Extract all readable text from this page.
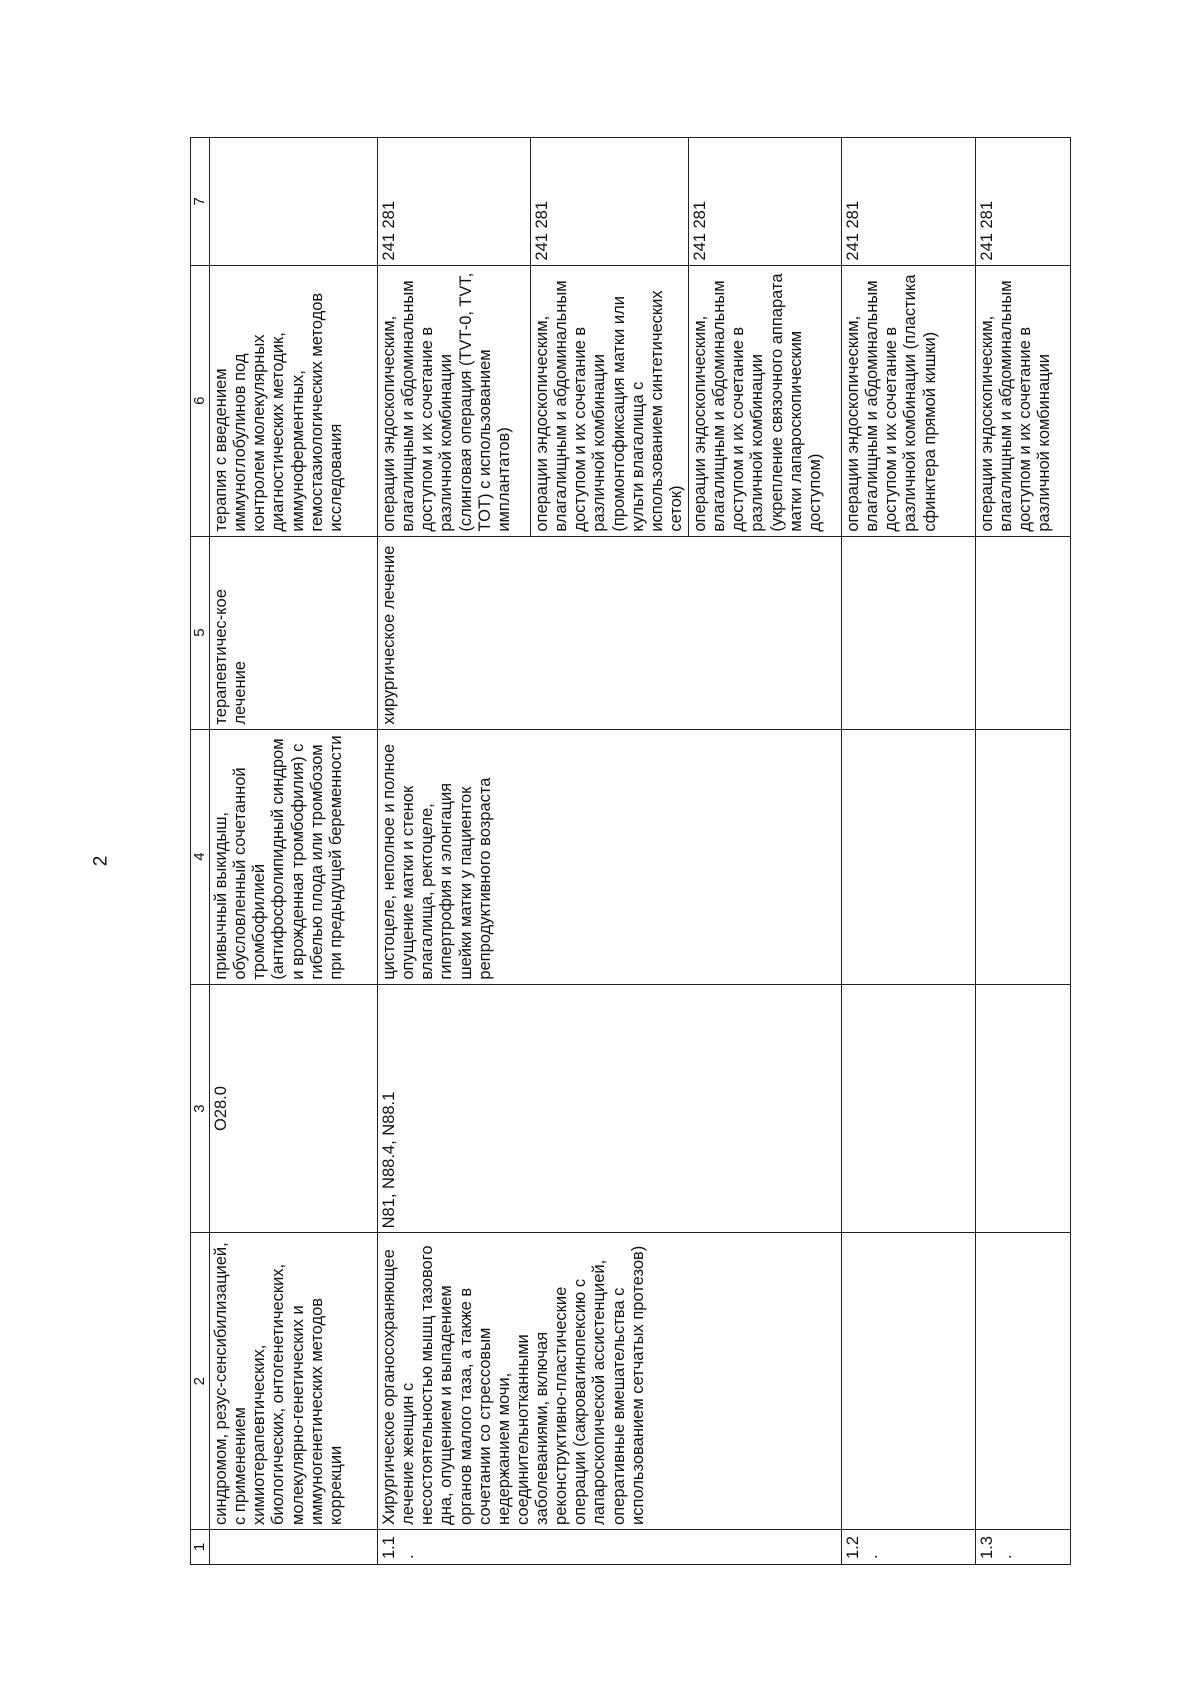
2
1	2	3	4	5	6	7
	синдромом, резус-сенсибилизацией, с применением химиотерапевтических, биологических, онтогенетических, молекулярно-генетических и иммуногенетических методов коррекции	O28.0	привычный выкидыш, обусловленный сочетанной тромбофилией (антифосфолипидный синдром и врожденная тромбофилия) с гибелью плода или тромбозом при предыдущей беременности	терапевтичес-кое лечение	терапия с введением иммуноглобулинов под контролем молекулярных диагностических методик, иммуноферментных, гемостазиологических методов исследования	
1.1.	Хирургическое органосохраняющее лечение женщин с несостоятельностью мышц тазового дна, опущением и выпадением органов малого таза, а также в сочетании со стрессовым недержанием мочи, соединительнотканными заболеваниями, включая реконструктивно-пластические операции (сакровагинопексию с лапароскопической ассистенцией, оперативные вмешательства с использованием сетчатых протезов)	N81, N88.4, N88.1	цистоцеле, неполное и полное опущение матки и стенок влагалища, ректоцеле, гипертрофия и элонгация шейки матки у пациенток репродуктивного возраста	хирургическое лечение	операции эндоскопическим, влагалищным и абдоминальным доступом и их сочетание в различной комбинации (слинговая операция (TVT-0, TVT, TOT) с использованием имплантатов)	241 281
					операции эндоскопическим, влагалищным и абдоминальным доступом и их сочетание в различной комбинации (промонтофиксация матки или культи влагалища с использованием синтетических сеток)	241 281
					операции эндоскопическим, влагалищным и абдоминальным доступом и их сочетание в различной комбинации (укрепление связочного аппарата матки лапароскопическим доступом)	241 281
1.2.					операции эндоскопическим, влагалищным и абдоминальным доступом и их сочетание в различной комбинации (пластика сфинктера прямой кишки)	241 281
1.3.					операции эндоскопическим, влагалищным и абдоминальным доступом и их сочетание в различной комбинации	241 281
